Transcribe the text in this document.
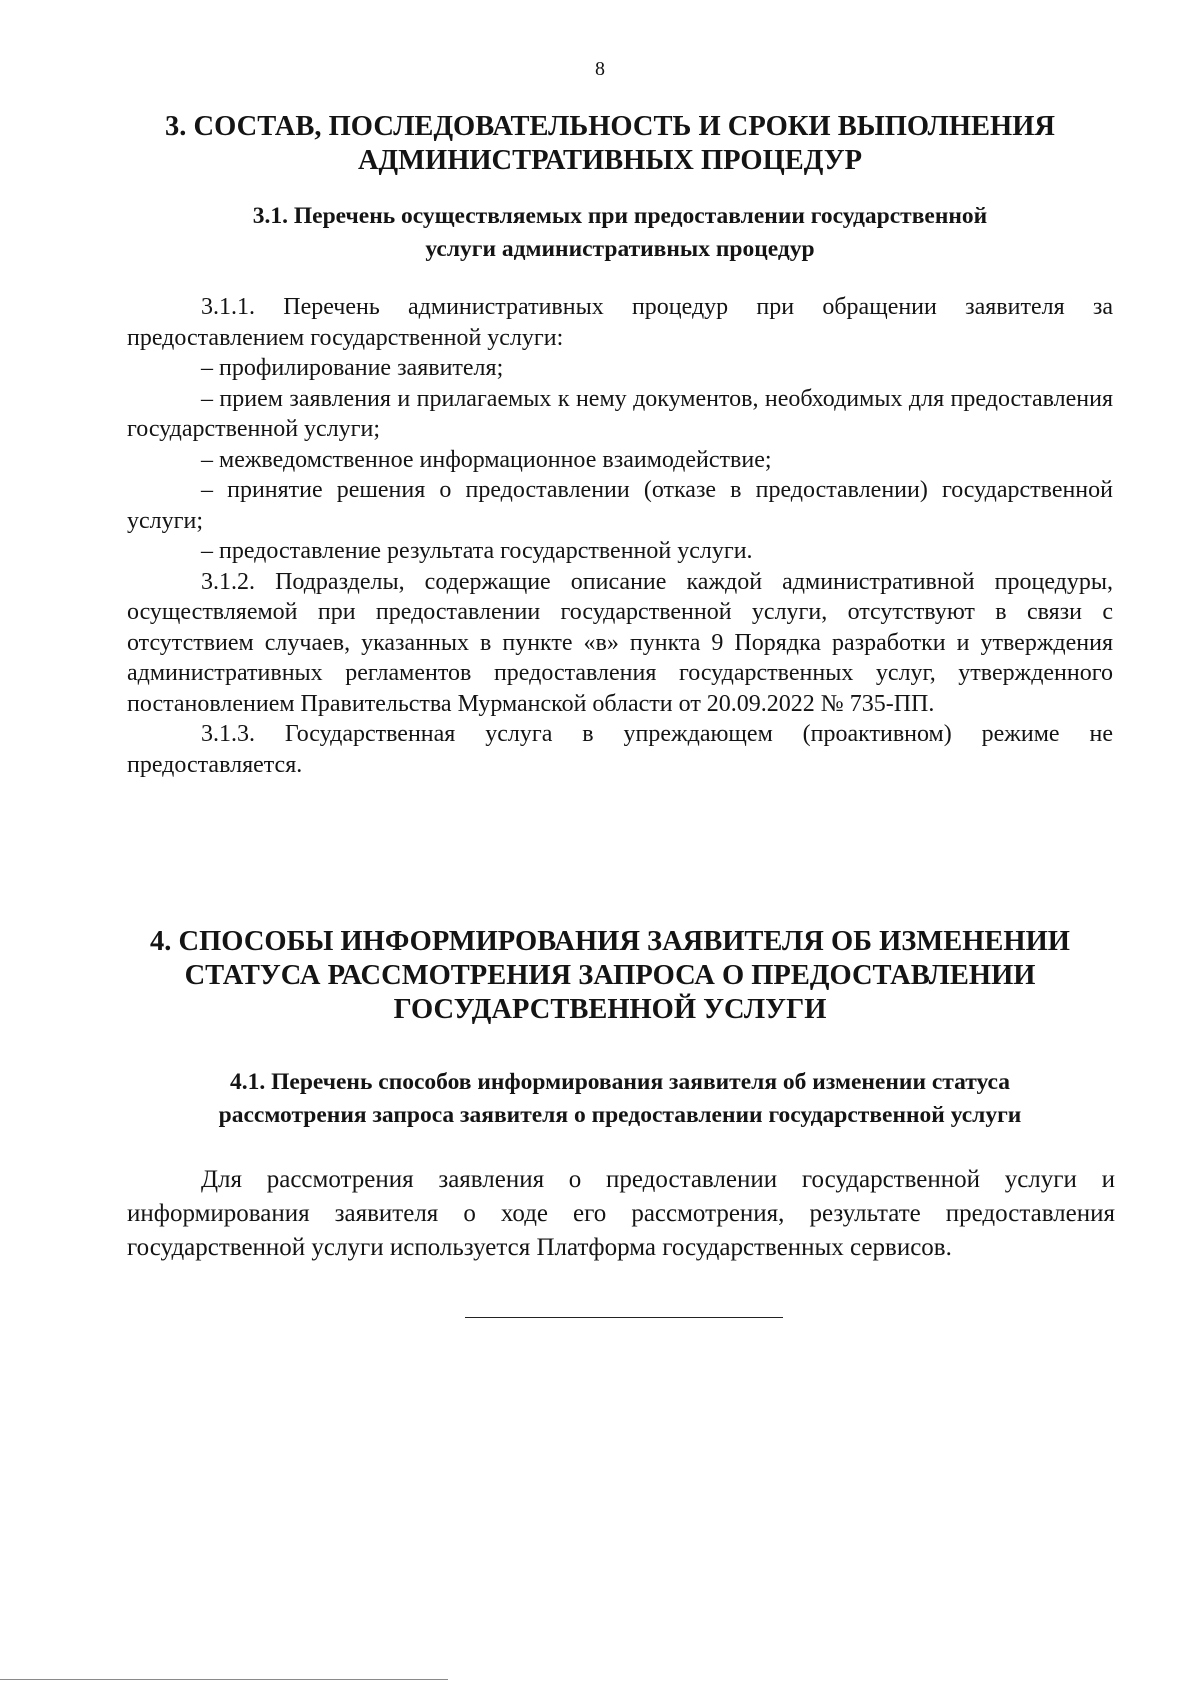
8
3. СОСТАВ, ПОСЛЕДОВАТЕЛЬНОСТЬ И СРОКИ ВЫПОЛНЕНИЯ АДМИНИСТРАТИВНЫХ ПРОЦЕДУР
3.1. Перечень осуществляемых при предоставлении государственной
услуги административных процедур
3.1.1. Перечень административных процедур при обращении заявителя за предоставлением государственной услуги:
– профилирование заявителя;
– прием заявления и прилагаемых к нему документов, необходимых для предоставления государственной услуги;
– межведомственное информационное взаимодействие;
– принятие решения о предоставлении (отказе в предоставлении) государственной услуги;
– предоставление результата государственной услуги.
3.1.2. Подразделы, содержащие описание каждой административной процедуры, осуществляемой при предоставлении государственной услуги, отсутствуют в связи с отсутствием случаев, указанных в пункте «в» пункта 9 Порядка разработки и утверждения административных регламентов предоставления государственных услуг, утвержденного постановлением Правительства Мурманской области от 20.09.2022 № 735-ПП.
3.1.3. Государственная услуга в упреждающем (проактивном) режиме не предоставляется.
4. СПОСОБЫ ИНФОРМИРОВАНИЯ ЗАЯВИТЕЛЯ ОБ ИЗМЕНЕНИИ СТАТУСА РАССМОТРЕНИЯ ЗАПРОСА О ПРЕДОСТАВЛЕНИИ ГОСУДАРСТВЕННОЙ УСЛУГИ
4.1. Перечень способов информирования заявителя об изменении статуса
рассмотрения запроса заявителя о предоставлении государственной услуги
Для рассмотрения заявления о предоставлении государственной услуги и информирования заявителя о ходе его рассмотрения, результате предоставления государственной услуги используется Платформа государственных сервисов.
